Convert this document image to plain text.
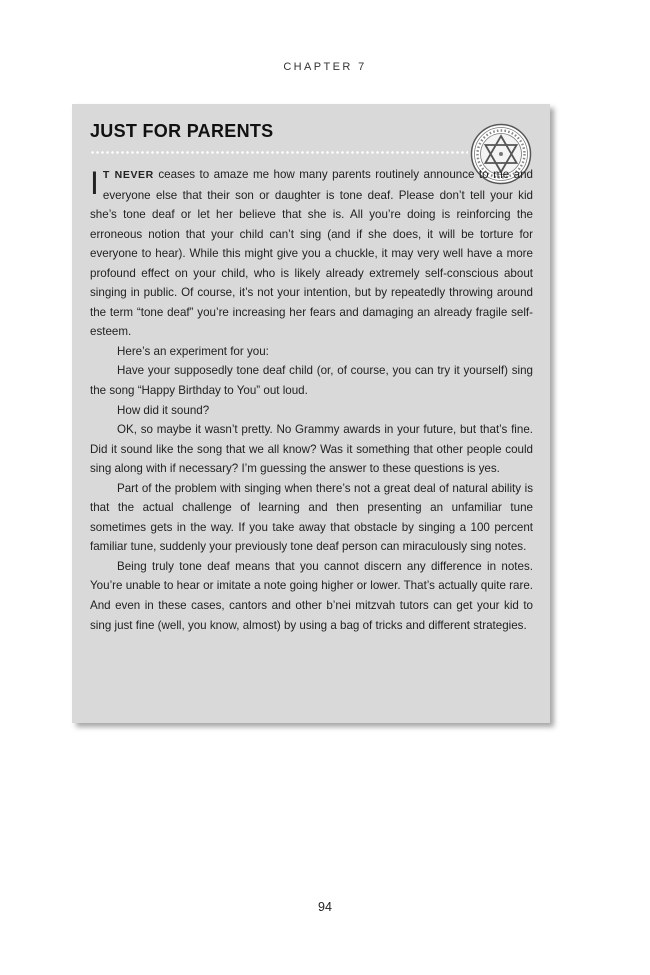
CHAPTER 7
JUST FOR PARENTS

I T NEVER ceases to amaze me how many parents routinely announce to me and everyone else that their son or daughter is tone deaf. Please don’t tell your kid she’s tone deaf or let her believe that she is. All you’re doing is reinforcing the erroneous notion that your child can’t sing (and if she does, it will be torture for everyone to hear). While this might give you a chuckle, it may very well have a more profound effect on your child, who is likely already extremely self-conscious about singing in public. Of course, it’s not your intention, but by repeatedly throwing around the term “tone deaf” you’re increasing her fears and damaging an already fragile self-esteem.

Here’s an experiment for you:

Have your supposedly tone deaf child (or, of course, you can try it yourself) sing the song “Happy Birthday to You” out loud.

How did it sound?

OK, so maybe it wasn’t pretty. No Grammy awards in your future, but that’s fine. Did it sound like the song that we all know? Was it something that other people could sing along with if necessary? I’m guessing the answer to these questions is yes.

Part of the problem with singing when there’s not a great deal of natural ability is that the actual challenge of learning and then presenting an unfamiliar tune sometimes gets in the way. If you take away that obstacle by singing a 100 percent familiar tune, suddenly your previously tone deaf person can miraculously sing notes.

Being truly tone deaf means that you cannot discern any difference in notes. You’re unable to hear or imitate a note going higher or lower. That’s actually quite rare. And even in these cases, cantors and other b’nei mitzvah tutors can get your kid to sing just fine (well, you know, almost) by using a bag of tricks and different strategies.

94
